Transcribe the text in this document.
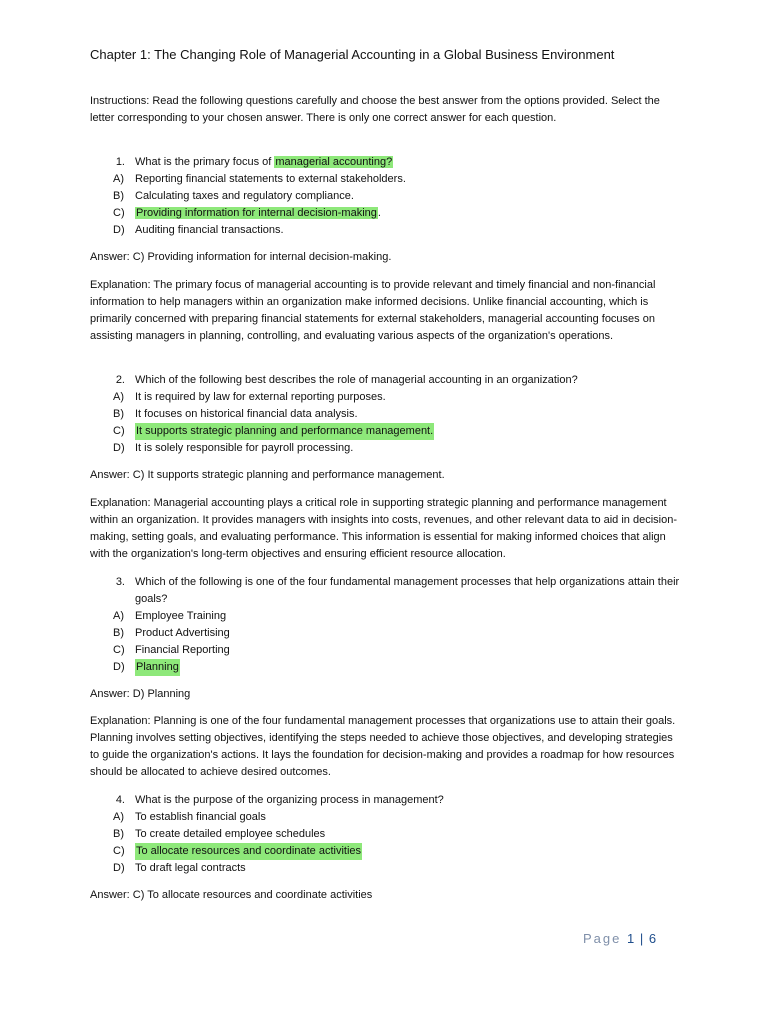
Chapter 1: The Changing Role of Managerial Accounting in a Global Business Environment
Instructions: Read the following questions carefully and choose the best answer from the options provided. Select the letter corresponding to your chosen answer. There is only one correct answer for each question.
1. What is the primary focus of managerial accounting?
A)	Reporting financial statements to external stakeholders.
B)	Calculating taxes and regulatory compliance.
C)	Providing information for internal decision-making.
D) Auditing financial transactions.
Answer: C) Providing information for internal decision-making.
Explanation: The primary focus of managerial accounting is to provide relevant and timely financial and non-financial information to help managers within an organization make informed decisions. Unlike financial accounting, which is primarily concerned with preparing financial statements for external stakeholders, managerial accounting focuses on assisting managers in planning, controlling, and evaluating various aspects of the organization's operations.
2. Which of the following best describes the role of managerial accounting in an organization?
A)	It is required by law for external reporting purposes.
B)	It focuses on historical financial data analysis.
C)	It supports strategic planning and performance management.
D) It is solely responsible for payroll processing.
Answer: C) It supports strategic planning and performance management.
Explanation: Managerial accounting plays a critical role in supporting strategic planning and performance management within an organization. It provides managers with insights into costs, revenues, and other relevant data to aid in decision-making, setting goals, and evaluating performance. This information is essential for making informed choices that align with the organization's long-term objectives and ensuring efficient resource allocation.
3. Which of the following is one of the four fundamental management processes that help organizations attain their goals?
A)	Employee Training
B)	Product Advertising
C) Financial Reporting
D)	Planning
Answer: D) Planning
Explanation: Planning is one of the four fundamental management processes that organizations use to attain their goals. Planning involves setting objectives, identifying the steps needed to achieve those objectives, and developing strategies to guide the organization's actions. It lays the foundation for decision-making and provides a roadmap for how resources should be allocated to achieve desired outcomes.
4. What is the purpose of the organizing process in management?
A)	To establish financial goals
B)	To create detailed employee schedules
C)	To allocate resources and coordinate activities
D) To draft legal contracts
Answer: C) To allocate resources and coordinate activities
Page 1 | 6
